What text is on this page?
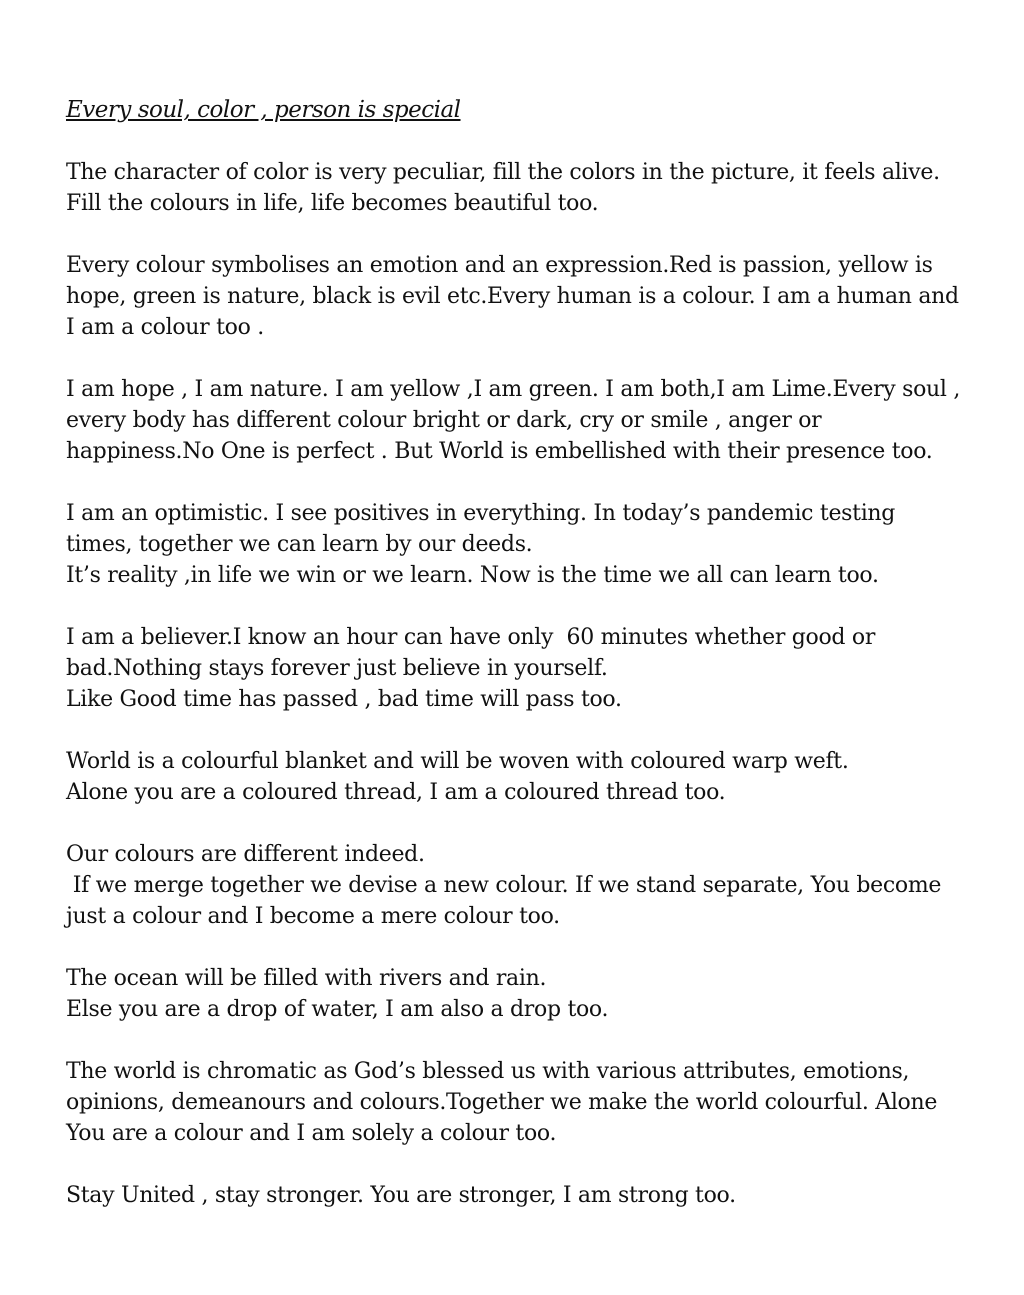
Every soul, color , person is special
The character of color is very peculiar, fill the colors in the picture, it feels alive.
Fill the colours in life, life becomes beautiful too.
Every colour symbolises an emotion and an expression.Red is passion, yellow is
hope, green is nature, black is evil etc.Every human is a colour. I am a human and
I am a colour too .
I am hope , I am nature. I am yellow ,I am green. I am both,I am Lime.Every soul ,
every body has different colour bright or dark, cry or smile , anger or
happiness.No One is perfect . But World is embellished with their presence too.
I am an optimistic. I see positives in everything. In today’s pandemic testing
times, together we can learn by our deeds.
It’s reality ,in life we win or we learn. Now is the time we all can learn too.
I am a believer.I know an hour can have only  60 minutes whether good or
bad.Nothing stays forever just believe in yourself.
Like Good time has passed , bad time will pass too.
World is a colourful blanket and will be woven with coloured warp weft.
Alone you are a coloured thread, I am a coloured thread too.
Our colours are different indeed.
If we merge together we devise a new colour. If we stand separate, You become
just a colour and I become a mere colour too.
The ocean will be filled with rivers and rain.
Else you are a drop of water, I am also a drop too.
The world is chromatic as God’s blessed us with various attributes, emotions,
opinions, demeanours and colours.Together we make the world colourful. Alone
You are a colour and I am solely a colour too.
Stay United , stay stronger. You are stronger, I am strong too.
